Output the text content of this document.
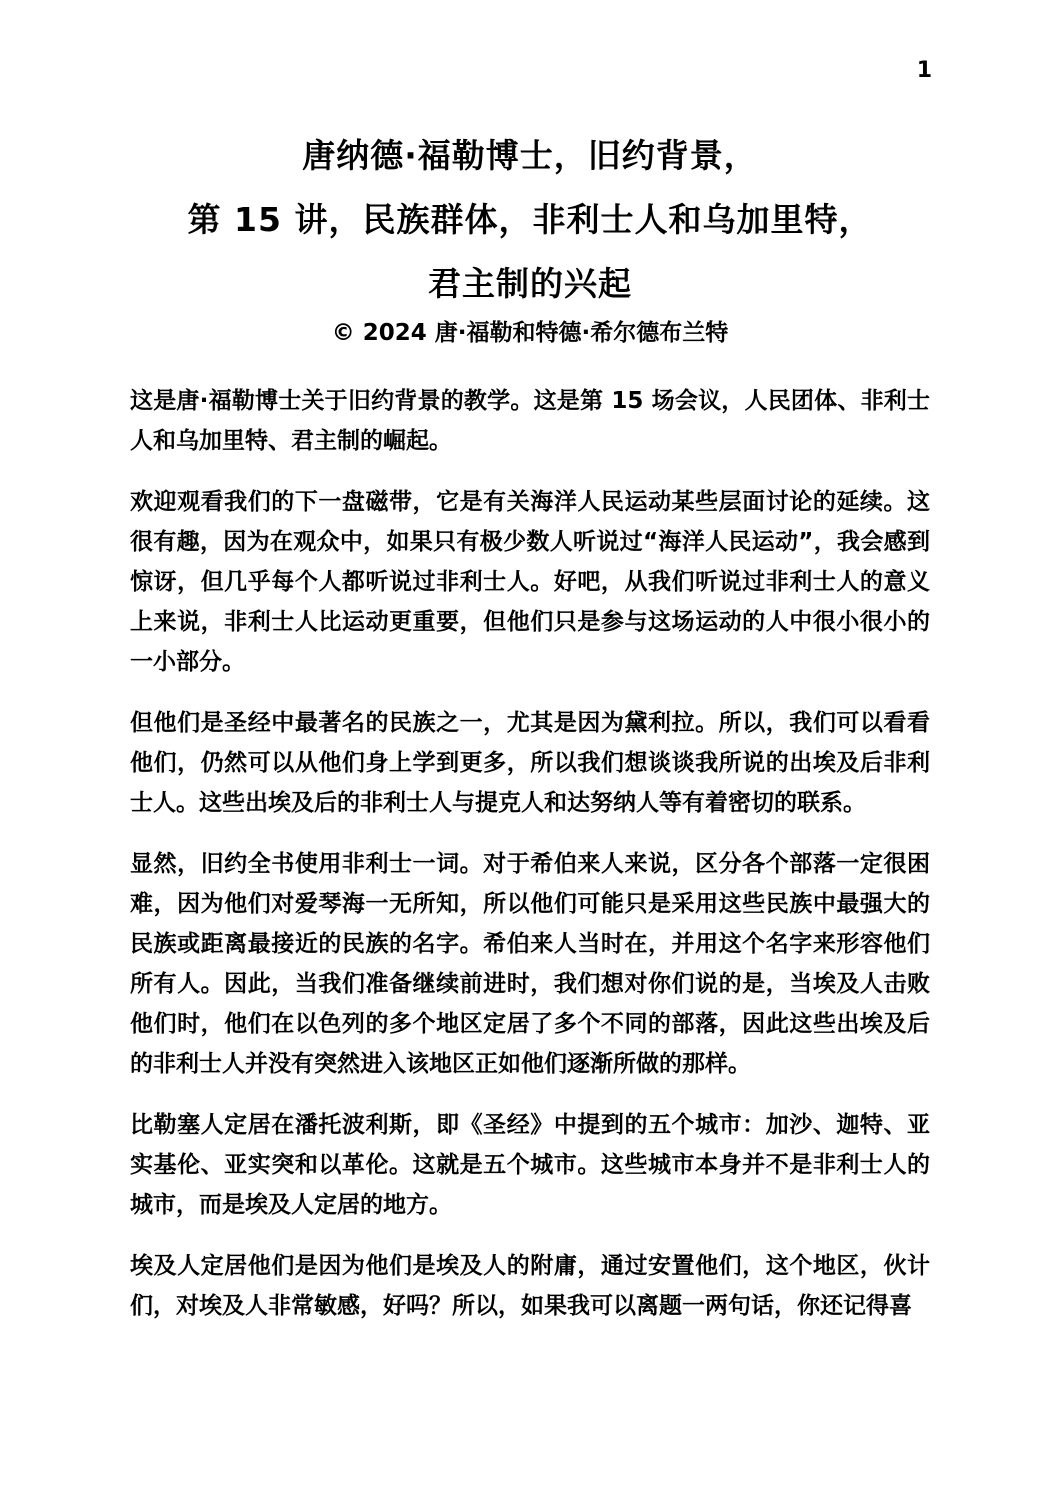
1
唐纳德·福勒博士，旧约背景，
第 15 讲，民族群体，非利士人和乌加里特，
君主制的兴起
© 2024 唐·福勒和特德·希尔德布兰特

这是唐·福勒博士关于旧约背景的教学。这是第 15 场会议，人民团体、非利士人和乌加里特、君主制的崛起。

欢迎观看我们的下一盘磁带，它是有关海洋人民运动某些层面讨论的延续。这很有趣，因为在观众中，如果只有极少数人听说过“海洋人民运动”，我会感到惊讶，但几乎每个人都听说过非利士人。好吧，从我们听说过非利士人的意义上来说，非利士人比运动更重要，但他们只是参与这场运动的人中很小很小的一小部分。

但他们是圣经中最著名的民族之一，尤其是因为黛利拉。所以，我们可以看看他们，仍然可以从他们身上学到更多，所以我们想谈谈我所说的出埃及后非利士人。这些出埃及后的非利士人与提克人和达努纳人等有着密切的联系。

显然，旧约全书使用非利士一词。对于希伯来人来说，区分各个部落一定很困难，因为他们对爱琴海一无所知，所以他们可能只是采用这些民族中最强大的民族或距离最接近的民族的名字。希伯来人当时在，并用这个名字来形容他们所有人。因此，当我们准备继续前进时，我们想对你们说的是，当埃及人击败他们时，他们在以色列的多个地区定居了多个不同的部落，因此这些出埃及后的非利士人并没有突然进入该地区正如他们逐渐所做的那样。

比勒塞人定居在潘托波利斯，即《圣经》中提到的五个城市：加沙、迦特、亚实基伦、亚实突和以革伦。这就是五个城市。这些城市本身并不是非利士人的城市，而是埃及人定居的地方。

埃及人定居他们是因为他们是埃及人的附庸，通过安置他们，这个地区，伙计们，对埃及人非常敏感，好吗？所以，如果我可以离题一两句话，你还记得喜
